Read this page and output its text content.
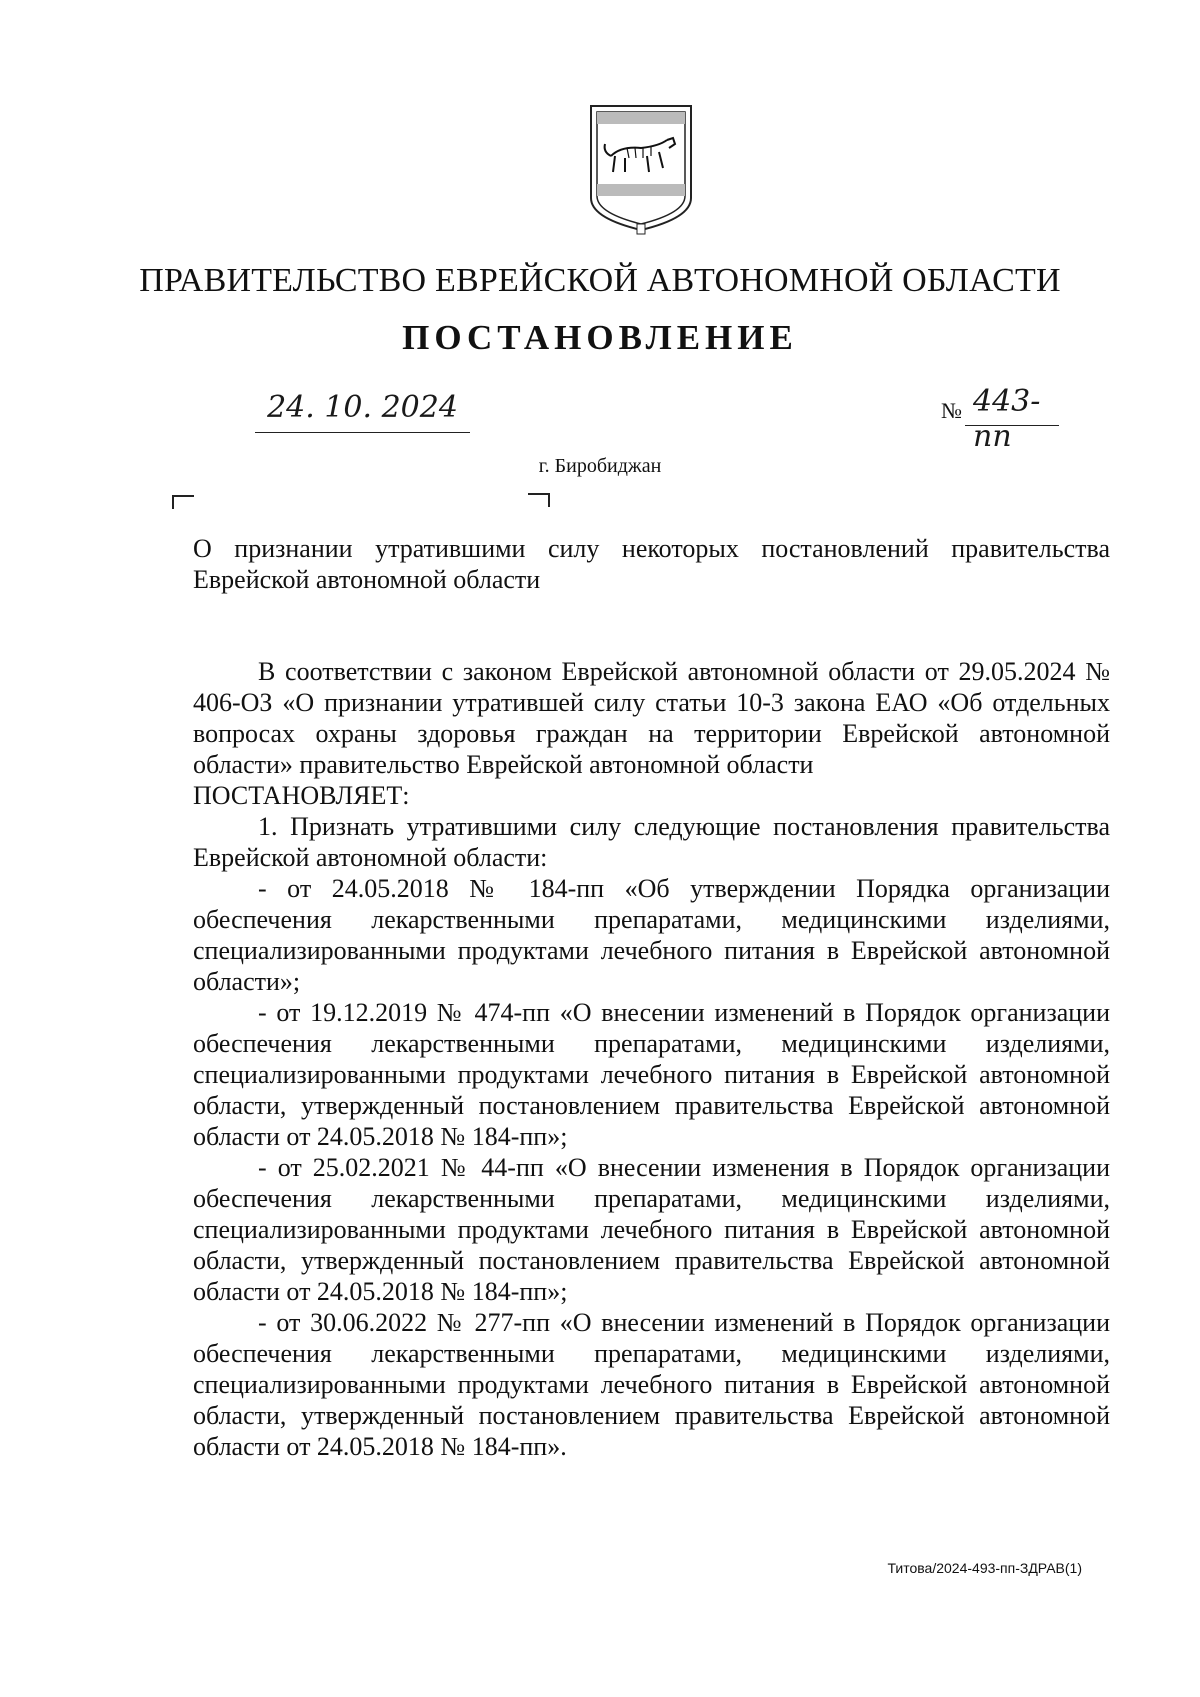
ПРАВИТЕЛЬСТВО ЕВРЕЙСКОЙ АВТОНОМНОЙ ОБЛАСТИ
ПОСТАНОВЛЕНИЕ
24. 10. 2024	№ 443-пп
г. Биробиджан
О признании утратившими силу некоторых постановлений правительства Еврейской автономной области

В соответствии с законом Еврейской автономной области от 29.05.2024 № 406-ОЗ «О признании утратившей силу статьи 10-3 закона ЕАО «Об отдельных вопросах охраны здоровья граждан на территории Еврейской автономной области» правительство Еврейской автономной области

ПОСТАНОВЛЯЕТ:

1. Признать утратившими силу следующие постановления правительства Еврейской автономной области:

- от 24.05.2018 № 184-пп «Об утверждении Порядка организации обеспечения лекарственными препаратами, медицинскими изделиями, специализированными продуктами лечебного питания в Еврейской автономной области»;

- от 19.12.2019 № 474-пп «О внесении изменений в Порядок организации обеспечения лекарственными препаратами, медицинскими изделиями, специализированными продуктами лечебного питания в Еврейской автономной области, утвержденный постановлением правительства Еврейской автономной области от 24.05.2018 № 184-пп»;

- от 25.02.2021 № 44-пп «О внесении изменения в Порядок организации обеспечения лекарственными препаратами, медицинскими изделиями, специализированными продуктами лечебного питания в Еврейской автономной области, утвержденный постановлением правительства Еврейской автономной области от 24.05.2018 № 184-пп»;

- от 30.06.2022 № 277-пп «О внесении изменений в Порядок организации обеспечения лекарственными препаратами, медицинскими изделиями, специализированными продуктами лечебного питания в Еврейской автономной области, утвержденный постановлением правительства Еврейской автономной области от 24.05.2018 № 184-пп».

Титова/2024-493-пп-ЗДРАВ(1)
